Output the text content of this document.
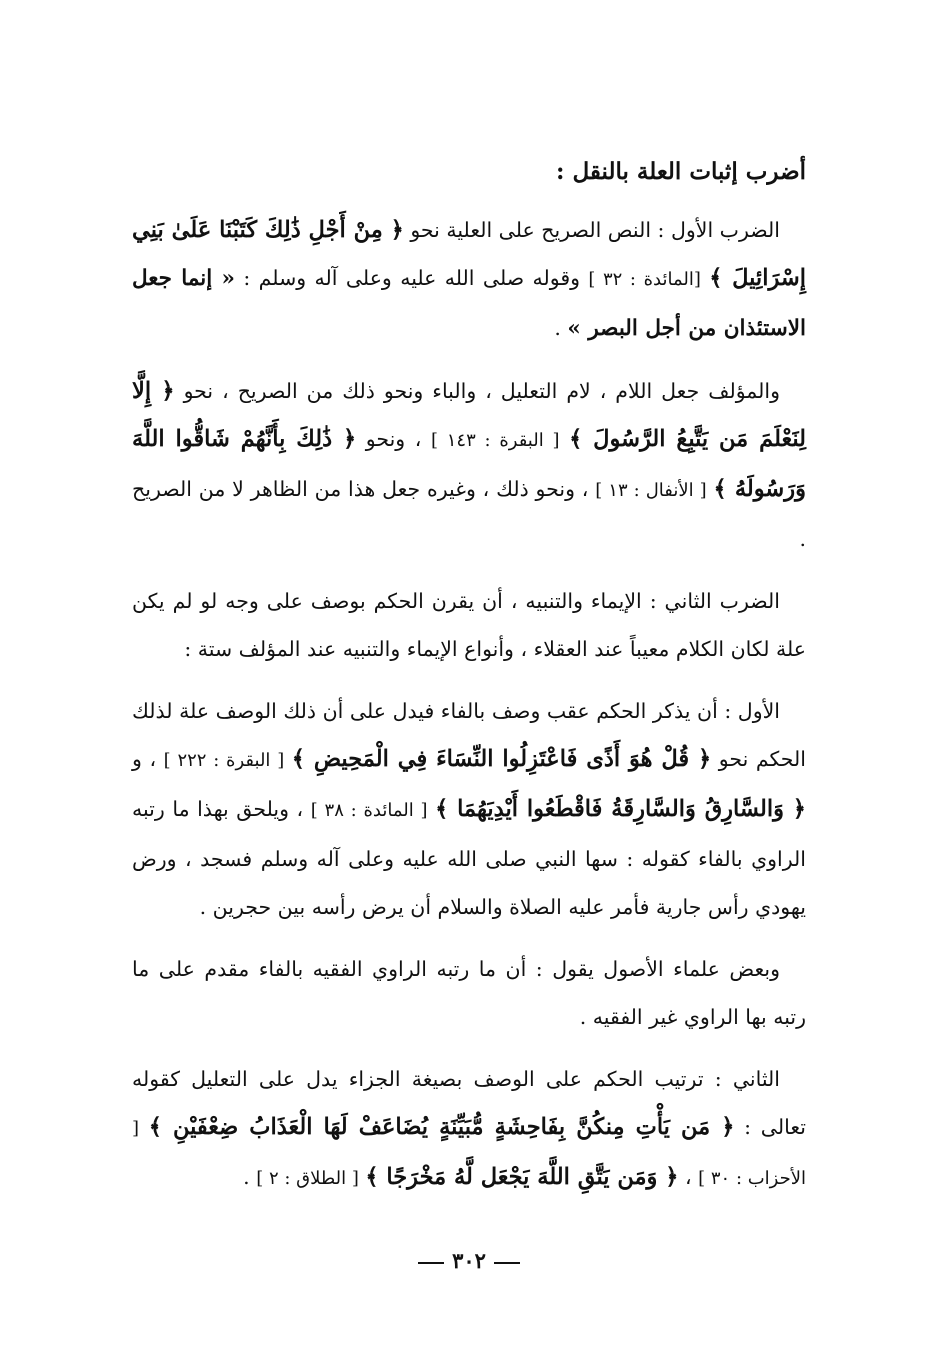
أضرب إثبات العلة بالنقل :

الضرب الأول : النص الصريح على العلية نحو ﴿ مِنْ أَجْلِ ذَٰلِكَ كَتَبْنَا عَلَىٰ بَنِي إِسْرَائِيلَ ﴾ [المائدة : ٣٢ ] وقوله صلى الله عليه وعلى آله وسلم : « إنما جعل الاستئذان من أجل البصر » .

والمؤلف جعل اللام ، لام التعليل ، والباء ونحو ذلك من الصريح ، نحو ﴿ إِلَّا لِنَعْلَمَ مَن يَتَّبِعُ الرَّسُولَ ﴾ [ البقرة : ١٤٣ ] ، ونحو ﴿ ذَٰلِكَ بِأَنَّهُمْ شَاقُّوا اللَّهَ وَرَسُولَهُ ﴾ [ الأنفال : ١٣ ] ، ونحو ذلك ، وغيره جعل هذا من الظاهر لا من الصريح .

الضرب الثاني : الإيماء والتنبيه ، أن يقرن الحكم بوصف على وجه لو لم يكن علة لكان الكلام معيباً عند العقلاء ، وأنواع الإيماء والتنبيه عند المؤلف ستة :

الأول : أن يذكر الحكم عقب وصف بالفاء فيدل على أن ذلك الوصف علة لذلك الحكم نحو ﴿ قُلْ هُوَ أَذًى فَاعْتَزِلُوا النِّسَاءَ فِي الْمَحِيضِ ﴾ [ البقرة : ٢٢٢ ] ، و ﴿ وَالسَّارِقُ وَالسَّارِقَةُ فَاقْطَعُوا أَيْدِيَهُمَا ﴾ [ المائدة : ٣٨ ] ، ويلحق بهذا ما رتبه الراوي بالفاء كقوله : سها النبي صلى الله عليه وعلى آله وسلم فسجد ، ورض يهودي رأس جارية فأمر عليه الصلاة والسلام أن يرض رأسه بين حجرين .

وبعض علماء الأصول يقول : أن ما رتبه الراوي الفقيه بالفاء مقدم على ما رتبه بها الراوي غير الفقيه .

الثاني : ترتيب الحكم على الوصف بصيغة الجزاء يدل على التعليل كقوله تعالى : ﴿ مَن يَأْتِ مِنكُنَّ بِفَاحِشَةٍ مُّبَيِّنَةٍ يُضَاعَفْ لَهَا الْعَذَابُ ضِعْفَيْنِ ﴾ [ الأحزاب : ٣٠ ] ، ﴿ وَمَن يَتَّقِ اللَّهَ يَجْعَل لَّهُ مَخْرَجًا ﴾ [ الطلاق : ٢ ] .

٣٠٢
